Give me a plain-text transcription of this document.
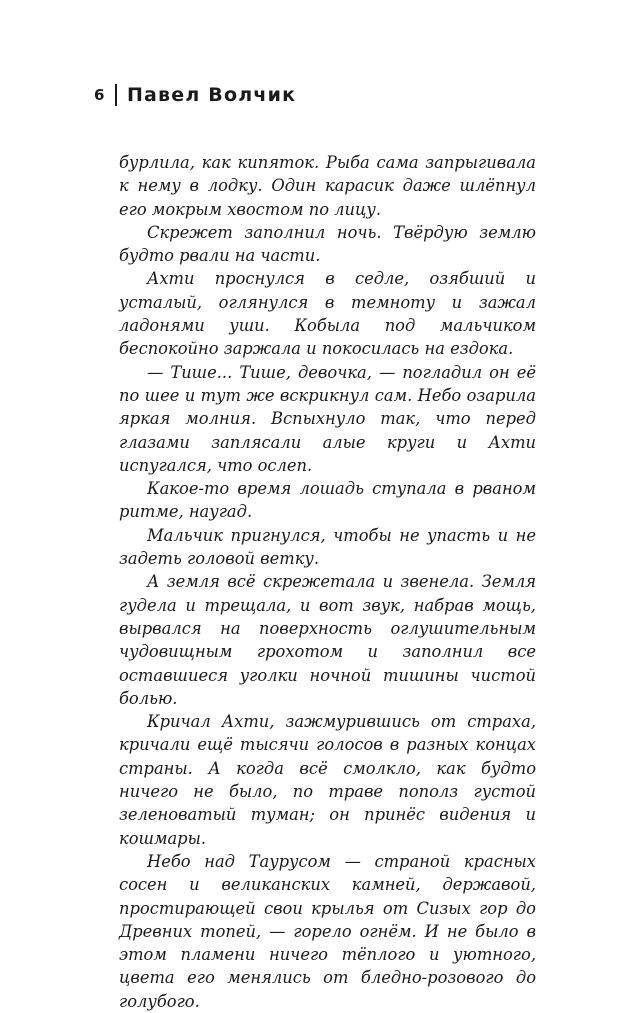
6 Павел Волчик

бурлила, как кипяток. Рыба сама запрыгивала к нему в лодку. Один карасик даже шлёпнул его мокрым хвостом по лицу.

Скрежет заполнил ночь. Твёрдую землю будто рвали на части.

Ахти проснулся в седле, озябший и усталый, оглянулся в темноту и зажал ладонями уши. Кобыла под мальчиком беспокойно заржала и покосилась на ездока.

— Тише... Тише, девочка, — погладил он её по шее и тут же вскрикнул сам. Небо озарила яркая молния. Вспыхнуло так, что перед глазами заплясали алые круги и Ахти испугался, что ослеп.

Какое-то время лошадь ступала в рваном ритме, наугад.

Мальчик пригнулся, чтобы не упасть и не задеть головой ветку.

А земля всё скрежетала и звенела. Земля гудела и трещала, и вот звук, набрав мощь, вырвался на поверхность оглушительным чудовищным грохотом и заполнил все оставшиеся уголки ночной тишины чистой болью.

Кричал Ахти, зажмурившись от страха, кричали ещё тысячи голосов в разных концах страны. А когда всё смолкло, как будто ничего не было, по траве пополз густой зеленоватый туман; он принёс видения и кошмары.

Небо над Таурусом — страной красных сосен и великанских камней, державой, простирающей свои крылья от Сизых гор до Древних топей, — горело огнём. И не было в этом пламени ничего тёплого и уютного, цвета его менялись от бледно-розового до голубого.
